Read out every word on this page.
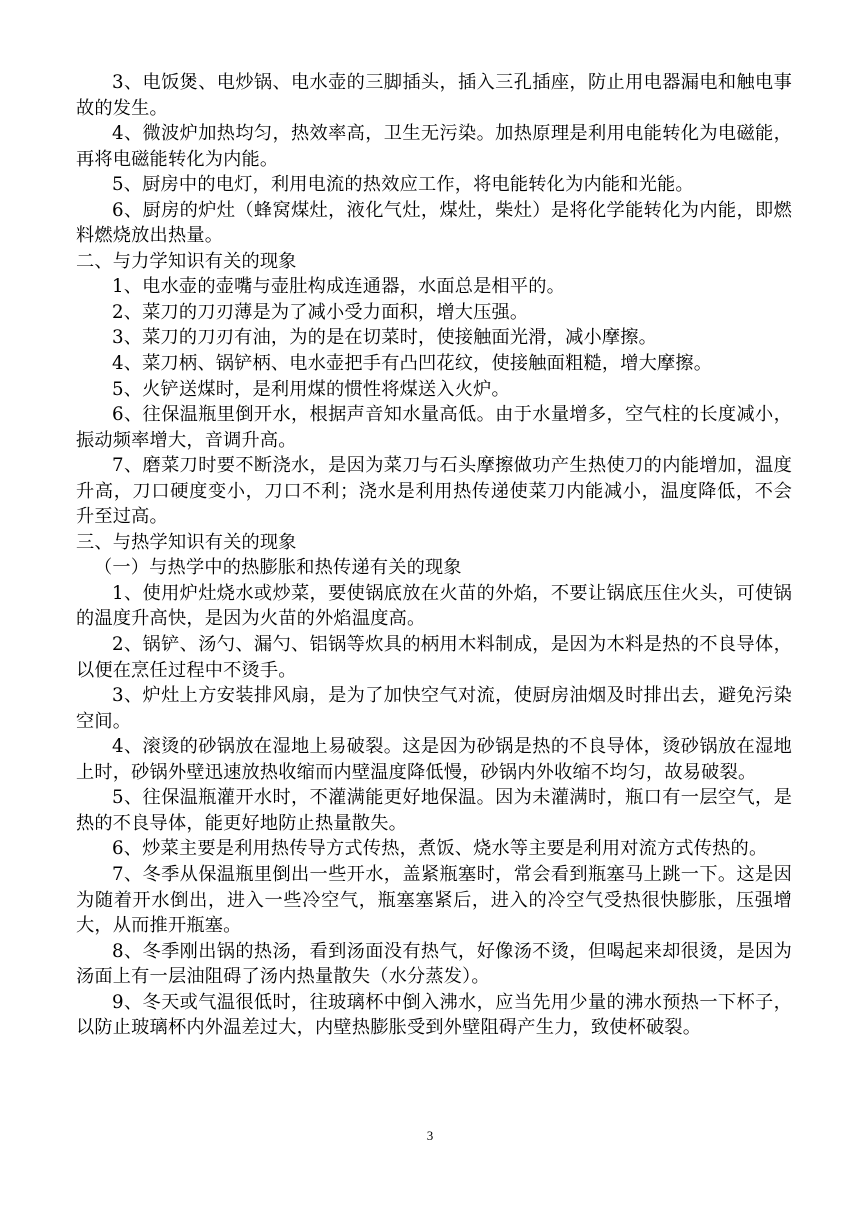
3、电饭煲、电炒锅、电水壶的三脚插头，插入三孔插座，防止用电器漏电和触电事故的发生。

4、微波炉加热均匀，热效率高，卫生无污染。加热原理是利用电能转化为电磁能，再将电磁能转化为内能。

5、厨房中的电灯，利用电流的热效应工作，将电能转化为内能和光能。

6、厨房的炉灶（蜂窝煤灶，液化气灶，煤灶，柴灶）是将化学能转化为内能，即燃料燃烧放出热量。

二、与力学知识有关的现象

1、电水壶的壶嘴与壶肚构成连通器，水面总是相平的。

2、菜刀的刀刃薄是为了减小受力面积，增大压强。

3、菜刀的刀刃有油，为的是在切菜时，使接触面光滑，减小摩擦。

4、菜刀柄、锅铲柄、电水壶把手有凸凹花纹，使接触面粗糙，增大摩擦。

5、火铲送煤时，是利用煤的惯性将煤送入火炉。

6、往保温瓶里倒开水，根据声音知水量高低。由于水量增多，空气柱的长度减小，振动频率增大，音调升高。

7、磨菜刀时要不断浇水，是因为菜刀与石头摩擦做功产生热使刀的内能增加，温度升高，刀口硬度变小，刀口不利；浇水是利用热传递使菜刀内能减小，温度降低，不会升至过高。

三、与热学知识有关的现象

（一）与热学中的热膨胀和热传递有关的现象

1、使用炉灶烧水或炒菜，要使锅底放在火苗的外焰，不要让锅底压住火头，可使锅的温度升高快，是因为火苗的外焰温度高。

2、锅铲、汤勺、漏勺、铝锅等炊具的柄用木料制成，是因为木料是热的不良导体，以便在烹任过程中不烫手。

3、炉灶上方安装排风扇，是为了加快空气对流，使厨房油烟及时排出去，避免污染空间。

4、滚烫的砂锅放在湿地上易破裂。这是因为砂锅是热的不良导体，烫砂锅放在湿地上时，砂锅外壁迅速放热收缩而内壁温度降低慢，砂锅内外收缩不均匀，故易破裂。

5、往保温瓶灌开水时，不灌满能更好地保温。因为未灌满时，瓶口有一层空气，是热的不良导体，能更好地防止热量散失。

6、炒菜主要是利用热传导方式传热，煮饭、烧水等主要是利用对流方式传热的。

7、冬季从保温瓶里倒出一些开水，盖紧瓶塞时，常会看到瓶塞马上跳一下。这是因为随着开水倒出，进入一些冷空气，瓶塞塞紧后，进入的冷空气受热很快膨胀，压强增大，从而推开瓶塞。

8、冬季刚出锅的热汤，看到汤面没有热气，好像汤不烫，但喝起来却很烫，是因为汤面上有一层油阻碍了汤内热量散失（水分蒸发）。

9、冬天或气温很低时，往玻璃杯中倒入沸水，应当先用少量的沸水预热一下杯子，以防止玻璃杯内外温差过大，内壁热膨胀受到外壁阻碍产生力，致使杯破裂。

3
